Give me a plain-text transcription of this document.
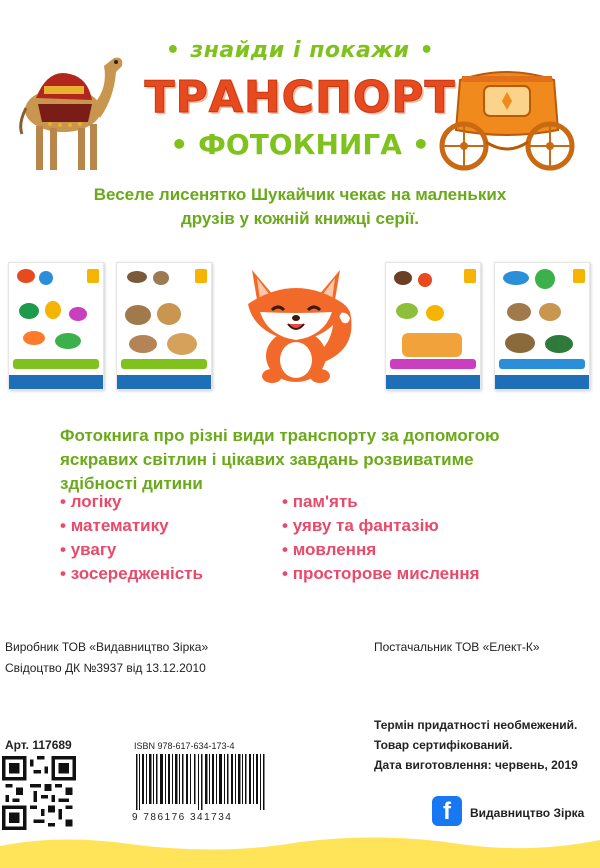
• знайди і покажи •
ТРАНСПОРТ
• ФОТОКНИГА •
Веселе лисенятко Шукайчик чекає на маленьких
друзів у кожній книжці серії.
Фотокнига про різні види транспорту за допомогою
яскравих світлин і цікавих завдань розвиватиме
здібності дитини
• логіку
• математику
• увагу
• зосередженість
• пам'ять
• уяву та фантазію
• мовлення
• просторове мислення
Виробник ТОВ «Видавництво Зірка»
Свідоцтво ДК №3937 від 13.12.2010
Постачальник ТОВ «Елект-К»
Арт. 117689	ISBN 978-617-634-173-4
9 786176 341734
Термін придатності необмежений.
Товар сертифікований.
Дата виготовлення: червень, 2019
f	Видавництво Зірка
